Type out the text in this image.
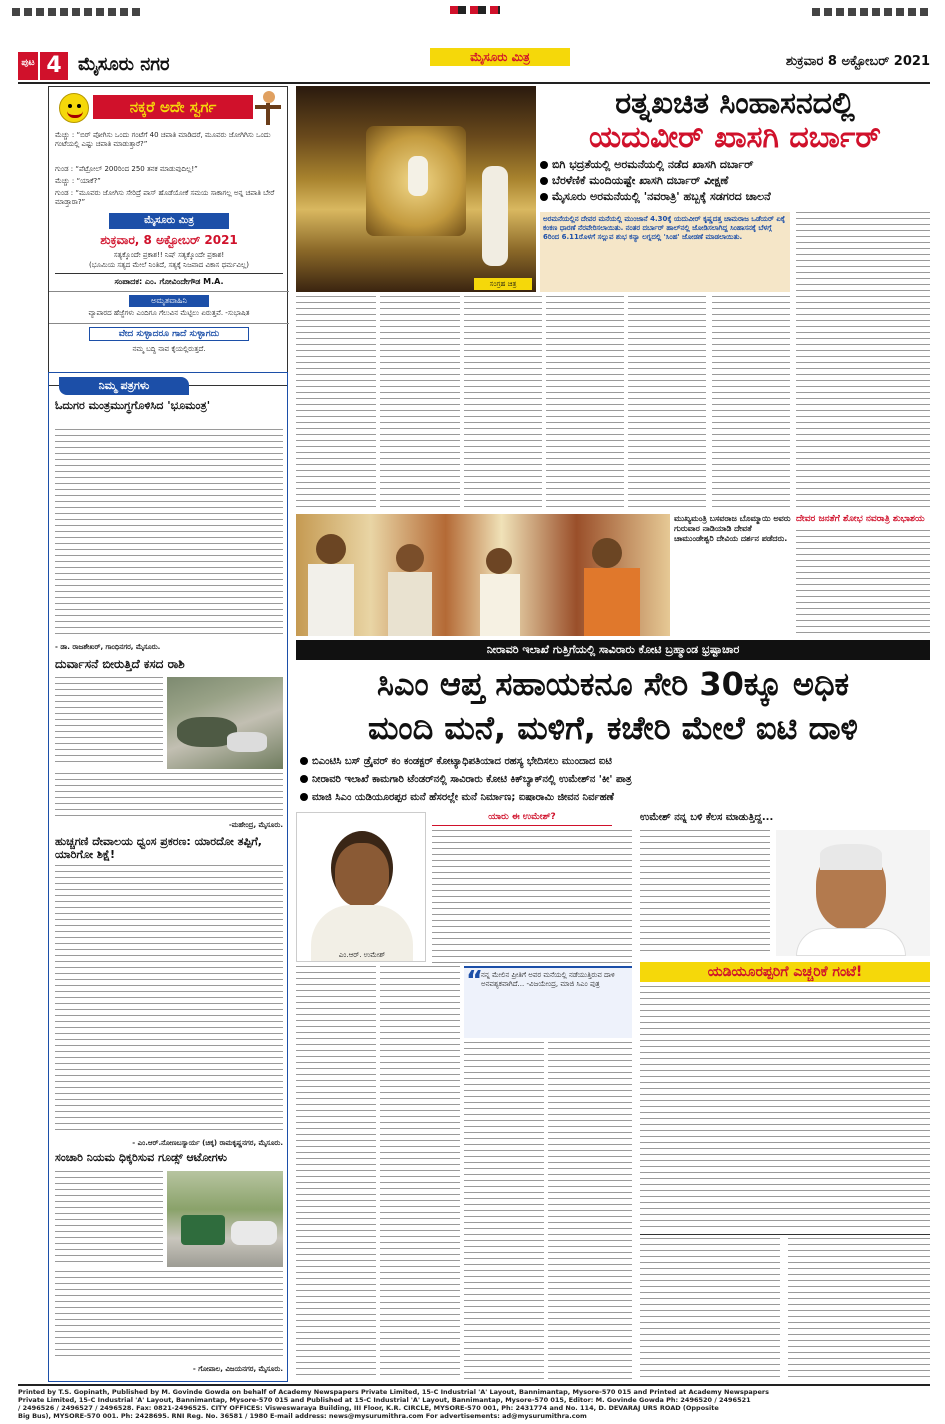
ಪುಟ 4 ಮೈಸೂರು ನಗರ	ಮೈಸೂರು ಮಿತ್ರ	ಶುಕ್ರವಾರ 8 ಅಕ್ಟೋಬರ್ 2021
ನಕ್ಕರೆ ಅದೇ ಸ್ವರ್ಗ
ಮೆಚ್ಚು : “ಬಿರ್ ಪೋಗಿಸು ಒಂದು ಗಂಟೆಗೆ 40 ಚಪಾತಿ ಮಾಡಿದರೆ, ಮೂವರು ಜೋಗಿಗಿಸು ಒಂದು ಗಂಟೆಯಲ್ಲಿ ಎಷ್ಟು ಚಪಾತಿ ಮಾಡುತ್ತಾರೆ?”
ಗುಂಡ : “ಪೆಟ್ರೋಲ್ 200ರಿಂದ 250 ತನಕ ಮಾಡುವುದಿಲ್ಲ!”
ಮೆಚ್ಚು : “ಯಾಕೆ?”
ಗುಂಡ : “ಮೂವರು ಜೋಗಿಸು ಸೇರಿದ್ರೆ ಪಾಸ್ ಹೊಡೆಯೋಕೆ ಸಮಯ ಸಾಕಾಗಲ್ಲ ಅನ್ನ ಚಪಾತಿ ಬೇರೆ ಮಾಡ್ತಾರಾ?”
ಮೈಸೂರು ಮಿತ್ರ
ಶುಕ್ರವಾರ, 8 ಅಕ್ಟೋಬರ್ 2021
ಸತ್ಯಕ್ಕೊಂದೇ ಪ್ರಕಾಶ!! ನಿಷ್ ಸತ್ಯಕ್ಕೊಂದೇ ಪ್ರಕಾಶ!
(ಭೂಮಿಯ ಸತ್ಯದ ಮೇಲೆ ನಿಂತಿದೆ, ಸತ್ಯಕ್ಕೆ ನಿಜವಾದ ವಿಕಾಸ ಧರ್ಮವಿಲ್ಲ)
ಸಂಪಾದಕ: ಎಂ. ಗೋವಿಂದೇಗೌಡ M.A.
ಅಮೃತವಾಹಿನಿ
ವ್ಯಾಪಾರದ ಹೆಜ್ಜೆಗಳು ಎಂದಿಗೂ ಗೆಲುವಿನ ಮೆಟ್ಟಿಲು ಏರುತ್ತವೆ. -ಸುಭಾಷಿತ
ವೇದ ಸುಳ್ಳಾದರೂ ಗಾದೆ ಸುಳ್ಳಾಗದು
ನಮ್ಮ ಬದ್ಧಿ ನಾವ ಕೈಯಲ್ಲಿರುತ್ತದೆ.
ನಿಮ್ಮ ಪತ್ರಗಳು
ಓದುಗರ ಮಂತ್ರಮುಗ್ಧಗೊಳಿಸಿದ 'ಭೂಮಂತ್ರ'
- ಡಾ. ರಾಜಶೇಖರ್, ಗಾಂಧಿನಗರ, ಮೈಸೂರು.
ದುರ್ವಾಸನೆ ಬೀರುತ್ತಿದೆ ಕಸದ ರಾಶಿ
-ಮಹೇಂದ್ರ, ಮೈಸೂರು.
ಹುಚ್ಚಗಣಿ ದೇವಾಲಯ ಧ್ವಂಸ ಪ್ರಕರಣ: ಯಾರದೋ ತಪ್ಪಿಗೆ, ಯಾರಿಗೋ ಶಿಕ್ಷೆ!
- ಎಂ.ಆರ್.ನೋಣಬಸ್ಯಾರ್ಯ (ಚಿಕ್ಕ) ರಾಮಕೃಷ್ಣನಗರ, ಮೈಸೂರು.
ಸಂಚಾರಿ ನಿಯಮ ಧಿಕ್ಕರಿಸುವ ಗೂಡ್ಸ್ ಆಟೋಗಳು
- ಗೋಪಾಲ, ವಿಜಯನಗರ, ಮೈಸೂರು.
ಸಂಗ್ರಹ ಚಿತ್ರ
ರತ್ನಖಚಿತ ಸಿಂಹಾಸನದಲ್ಲಿ
ಯದುವೀರ್ ಖಾಸಗಿ ದರ್ಬಾರ್
ಬಿಗಿ ಭದ್ರತೆಯಲ್ಲಿ ಅರಮನೆಯಲ್ಲಿ ನಡೆದ ಖಾಸಗಿ ದರ್ಬಾರ್
ಬೆರಳೆಣಿಕೆ ಮಂದಿಯಷ್ಟೇ ಖಾಸಗಿ ದರ್ಬಾರ್ ವೀಕ್ಷಣೆ
ಮೈಸೂರು ಅರಮನೆಯಲ್ಲಿ 'ನವರಾತ್ರಿ' ಹಬ್ಬಕ್ಕೆ ಸಡಗರದ ಚಾಲನೆ
ಅರಮನೆಯಲ್ಲಿನ ದೇವರ ಮನೆಯಲ್ಲಿ ಮುಂಜಾನೆ 4.30ಕ್ಕೆ ಯದುವೀರ್ ಕೃಷ್ಣದತ್ತ ಚಾಮರಾಜ ಒಡೆಯರ್ ಏಕ್ಕೆ ಕಂಕಣ ಧಾರಣೆ ನೆರವೇರಿಸಲಾಯಿತು. ನಂತರ ದರ್ಬಾರ್ ಹಾಲ್‌ನಲ್ಲಿ ಜೋಡಿಸಲಾಗಿದ್ದ ಸಿಂಹಾಸನಕ್ಕೆ ಬೆಳಗ್ಗೆ 6ರಿಂದ 6.11ರೊಳಗೆ ಸಲ್ಲುವ ಶುಭ ಕನ್ಯಾ ಲಗ್ನದಲ್ಲಿ 'ಸಿಂಹ' ಜೋಡಣೆ ಮಾಡಲಾಯಿತು.
ಮುಖ್ಯಮಂತ್ರಿ ಬಸವರಾಜ ಬೊಮ್ಮಾಯಿ ಅವರು ಗುರುವಾರ ನಾಡಿಯಾಡಿ ದೇವತೆ ಚಾಮುಂಡೇಶ್ವರಿ ದೇವಿಯ ದರ್ಶನ ಪಡೆದರು.
ದೇವರ ಜನತೆಗೆ ಶೋಭ ನವರಾತ್ರಿ ಶುಭಾಶಯ
ನೀರಾವರಿ ಇಲಾಖೆ ಗುತ್ತಿಗೆಯಲ್ಲಿ ಸಾವಿರಾರು ಕೋಟಿ ಬ್ರಹ್ಮಾಂಡ ಭ್ರಷ್ಟಾಚಾರ
ಸಿಎಂ ಆಪ್ತ ಸಹಾಯಕನೂ ಸೇರಿ 30ಕ್ಕೂ ಅಧಿಕ
ಮಂದಿ ಮನೆ, ಮಳಿಗೆ, ಕಚೇರಿ ಮೇಲೆ ಐಟಿ ದಾಳಿ
ಬಿಎಂಟಿಸಿ ಬಸ್ ಡ್ರೈವರ್ ಕಂ ಕಂಡಕ್ಟರ್ ಕೋಟ್ಯಾಧಿಪತಿಯಾದ ರಹಸ್ಯ ಭೇದಿಸಲು ಮುಂದಾದ ಐಟಿ
ನೀರಾವರಿ ಇಲಾಖೆ ಕಾಮಗಾರಿ ಟೆಂಡರ್‌ನಲ್ಲಿ ಸಾವಿರಾರು ಕೋಟಿ ಕಿಕ್‌ಬ್ಯಾಕ್‌ನಲ್ಲಿ ಉಮೇಶ್‌ನ 'ಕೀ' ಪಾತ್ರ
ಮಾಜಿ ಸಿಎಂ ಯಡಿಯೂರಪ್ಪರ ಮನೆ ಹೆಸರಲ್ಲೇ ಮನೆ ನಿರ್ಮಾಣ; ಐಷಾರಾಮಿ ಜೀವನ ನಿರ್ವಹಣೆ
ಎಂ.ಆರ್. ಉಮೇಶ್
ಯಾರು ಈ ಉಮೇಶ್?
“
ನನ್ನ ಮೇಲಿನ ಪ್ರೀತಿಗೆ ಅವರ ಮನೆಯಲ್ಲಿ ನಡೆಯುತ್ತಿರುವ ದಾಳಿ ಅನವಶ್ಯಕವಾಗಿದೆ... -ವಿಜಯೇಂದ್ರ, ಮಾಜಿ ಸಿಎಂ ಪುತ್ರ
ಉಮೇಶ್ ನನ್ನ ಬಳಿ ಕೆಲಸ ಮಾಡುತ್ತಿದ್ದ...
ಯಡಿಯೂರಪ್ಪರಿಗೆ ಎಚ್ಚರಿಕೆ ಗಂಟೆ!
Printed by T.S. Gopinath, Published by M. Govinde Gowda on behalf of Academy Newspapers Private Limited, 15-C Industrial 'A' Layout, Bannimantap, Mysore-570 015 and Printed at Academy Newspapers
Private Limited, 15-C Industrial 'A' Layout, Bannimantap, Mysore-570 015 and Published at 15-C Industrial 'A' Layout, Bannimantap, Mysore-570 015, Editor: M. Govinde Gowda Ph: 2496520 / 2496521
/ 2496526 / 2496527 / 2496528. Fax: 0821-2496525. CITY OFFICES: Visweswaraya Building, III Floor, K.R. CIRCLE, MYSORE-570 001, Ph: 2431774 and No. 114, D. DEVARAJ URS ROAD (Opposite
Big Bus), MYSORE-570 001. Ph: 2428695. RNI Reg. No. 36581 / 1980 E-mail address: news@mysurumithra.com For advertisements: ad@mysurumithra.com
